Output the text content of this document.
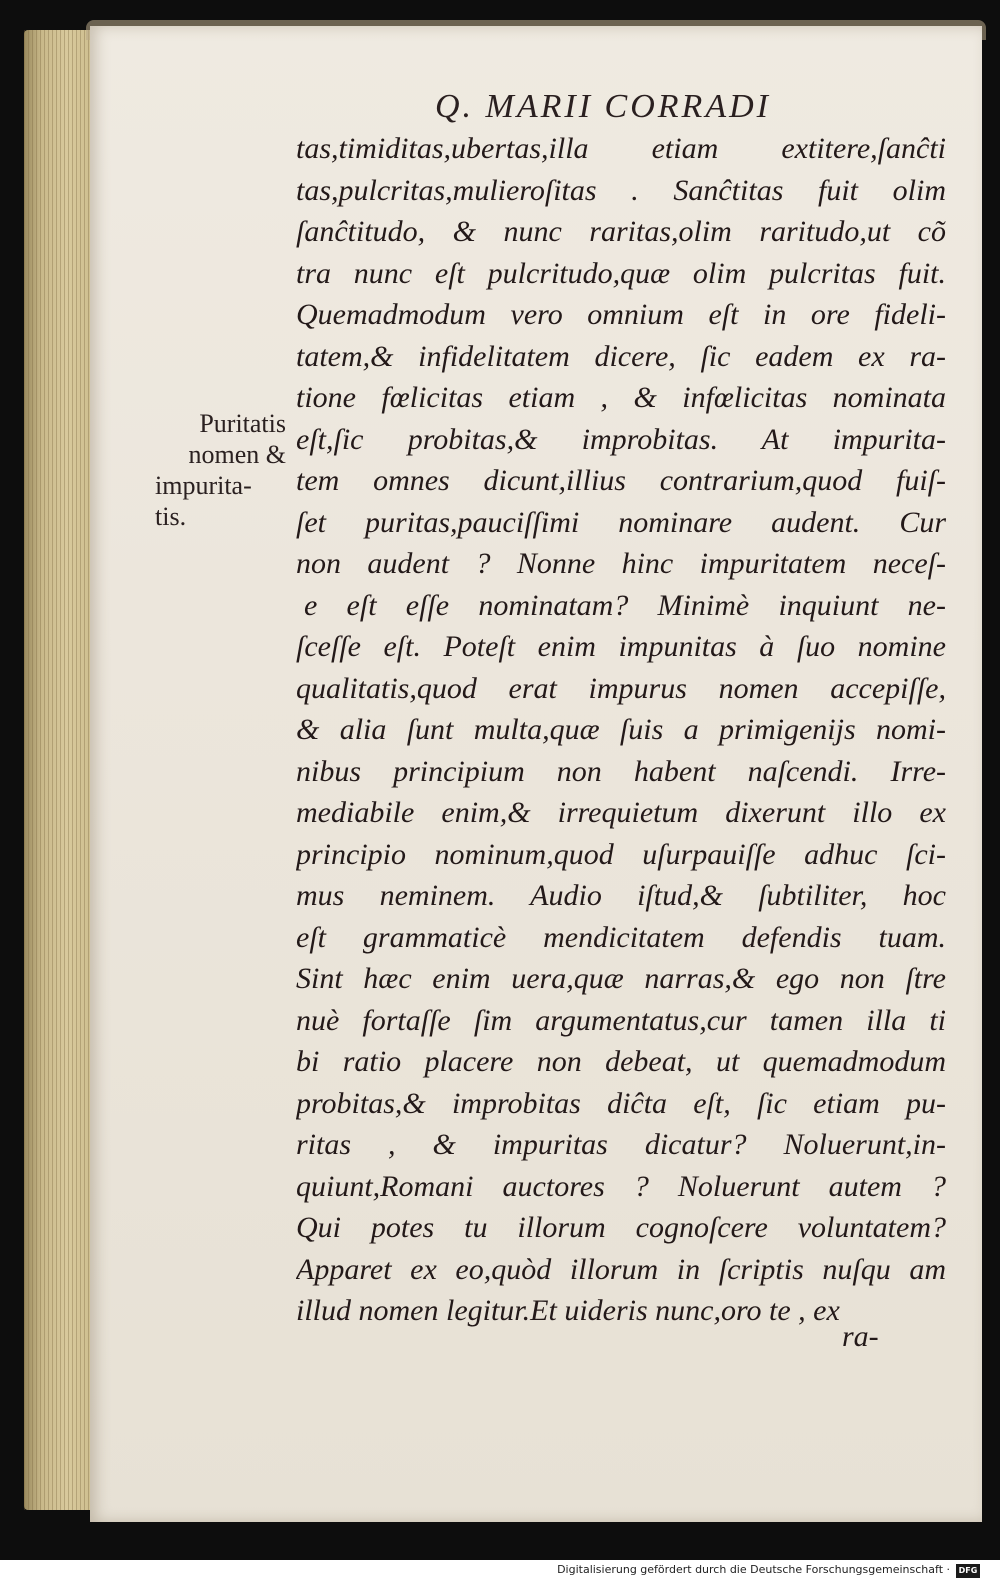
Q. MARII CORRADI
Puritatis
nomen &
impurita-
tis.
tas,timiditas,ubertas,illa etiam extitere,ſanĉti
tas,pulcritas,mulieroſitas . Sanĉtitas fuit olim
ſanĉtitudo, & nunc raritas,olim raritudo,ut cõ
tra nunc eſt pulcritudo,quæ olim pulcritas fuit.
Quemadmodum vero omnium eſt in ore fideli-
tatem,& infidelitatem dicere, ſic eadem ex ra-
tione fœlicitas etiam , & infœlicitas nominata
eſt,ſic probitas,& improbitas. At impurita-
tem omnes dicunt,illius contrarium,quod fuiſ-
ſet puritas,pauciſſimi nominare audent. Cur
non audent ? Nonne hinc impuritatem neceſ-
e eſt eſſe nominatam? Minimè inquiunt ne-
ſceſſe eſt. Poteſt enim impunitas à ſuo nomine
qualitatis,quod erat impurus nomen accepiſſe,
& alia ſunt multa,quæ ſuis a primigenijs nomi-
nibus principium non habent naſcendi. Irre-
mediabile enim,& irrequietum dixerunt illo ex
principio nominum,quod uſurpauiſſe adhuc ſci-
mus neminem. Audio iſtud,& ſubtiliter, hoc
eſt grammaticè mendicitatem defendis tuam.
Sint hæc enim uera,quæ narras,& ego non ſtre
nuè fortaſſe ſim argumentatus,cur tamen illa ti
bi ratio placere non debeat, ut quemadmodum
probitas,& improbitas diĉta eſt, ſic etiam pu-
ritas , & impuritas dicatur? Noluerunt,in-
quiunt,Romani auctores ? Noluerunt autem ?
Qui potes tu illorum cognoſcere voluntatem?
Apparet ex eo,quòd illorum in ſcriptis nuſqu am
illud nomen legitur.Et uideris nunc,oro te , ex
ra-
Digitalisierung gefördert durch die Deutsche Forschungsgemeinschaft ·	DFG
